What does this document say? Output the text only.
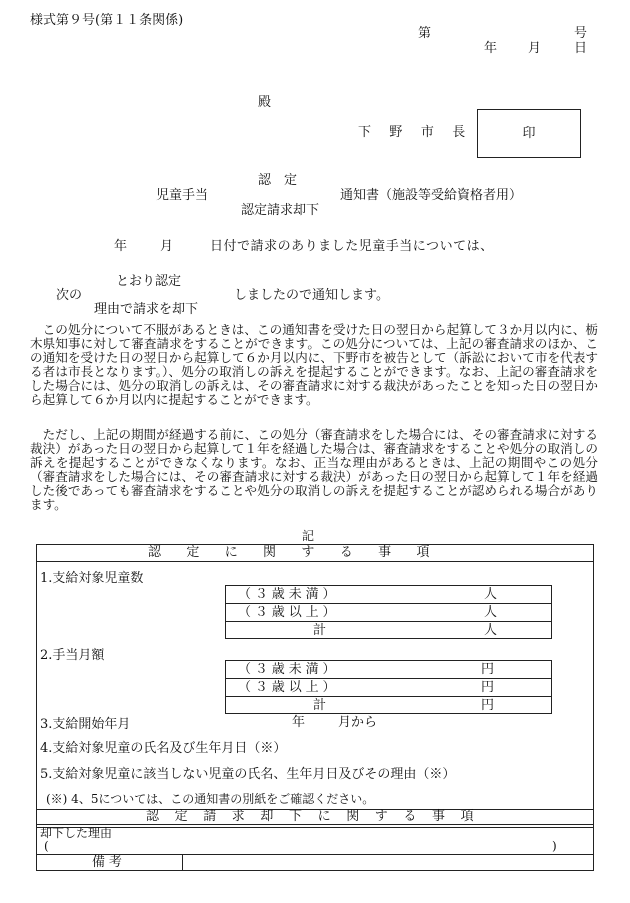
様式第９号(第１１条関係)
第	号
年 月	日
殿
下 野 市 長	印
認　定
児童手当	通知書（施設等受給資格者用）
認定請求却下
年	月	日付で請求のありました児童手当については、
とおり認定
次の	しましたので通知します。
理由で請求を却下
この処分について不服があるときは、この通知書を受けた日の翌日から起算して３か月以内に、栃木県知事に対して審査請求をすることができます。この処分については、上記の審査請求のほか、この通知を受けた日の翌日から起算して６か月以内に、下野市を被告として（訴訟において市を代表する者は市長となります。）、処分の取消しの訴えを提起することができます。なお、上記の審査請求をした場合には、処分の取消しの訴えは、その審査請求に対する裁決があったことを知った日の翌日から起算して６か月以内に提起することができます。
ただし、上記の期間が経過する前に、この処分（審査請求をした場合には、その審査請求に対する裁決）があった日の翌日から起算して１年を経過した場合は、審査請求をすることや処分の取消しの訴えを提起することができなくなります。なお、正当な理由があるときは、上記の期間やこの処分（審査請求をした場合には、その審査請求に対する裁決）があった日の翌日から起算して１年を経過した後であっても審査請求をすることや処分の取消しの訴えを提起することが認められる場合があります。
記
認定に関する事項
1.支給対象児童数
（３歳未満）	人
（３歳以上）	人
計	人
2.手当月額
（３歳未満）	円
（３歳以上）	円
計	円
3.支給開始年月	年	月から
4.支給対象児童の氏名及び生年月日（※）
5.支給対象児童に該当しない児童の氏名、生年月日及びその理由（※）
(※) 4、5については、この通知書の別紙をご確認ください。
認定請求却下に関する事項
却下した理由
(	)
備考
